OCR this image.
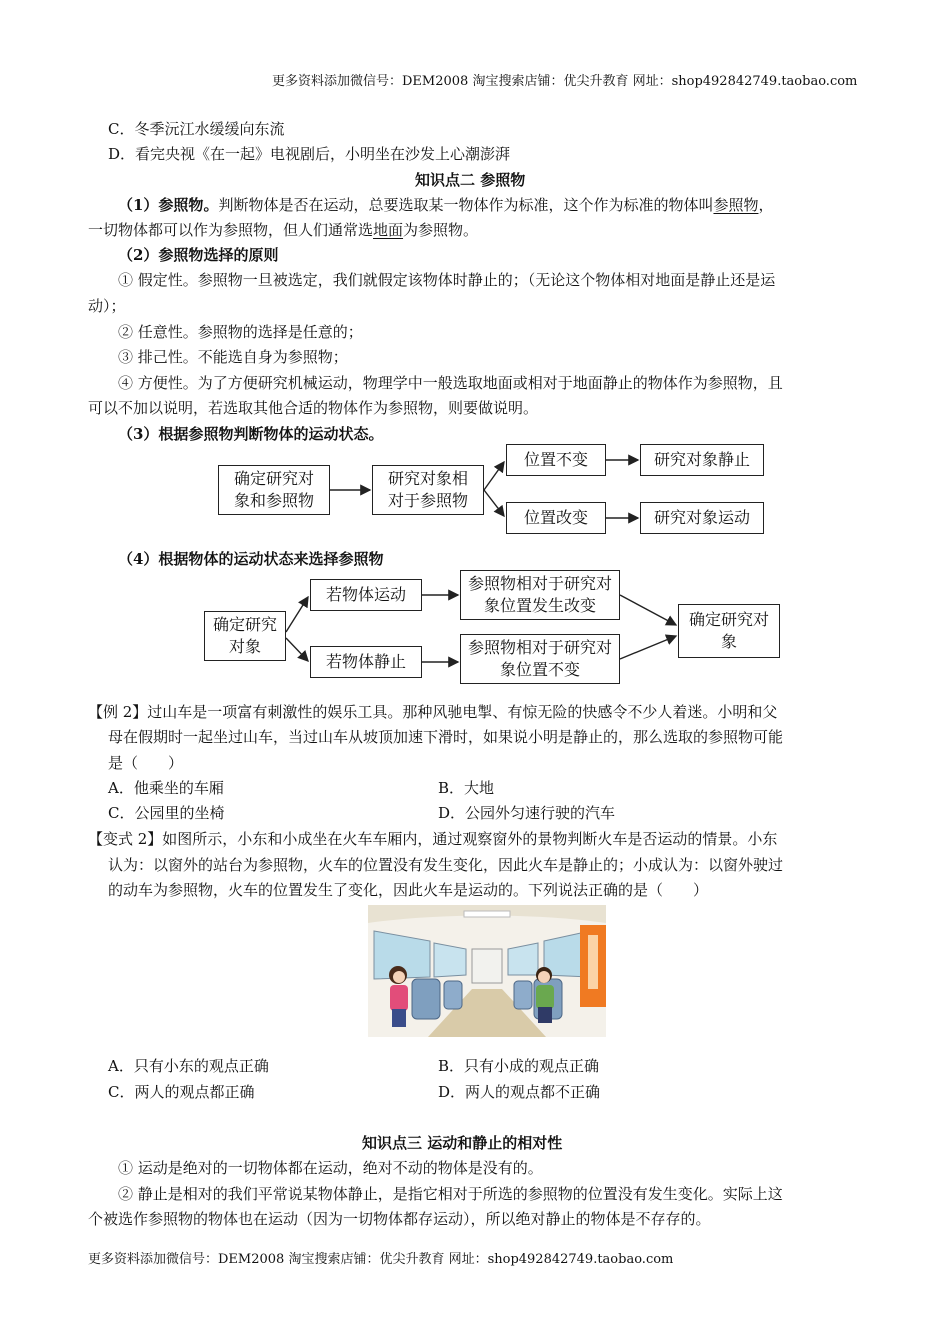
更多资料添加微信号：DEM2008 淘宝搜索店铺：优尖升教育 网址：shop492842749.taobao.com
C．冬季沅江水缓缓向东流
D．看完央视《在一起》电视剧后，小明坐在沙发上心潮澎湃
知识点二 参照物
（1）参照物。判断物体是否在运动，总要选取某一物体作为标准，这个作为标准的物体叫参照物，
一切物体都可以作为参照物，但人们通常选地面为参照物。
（2）参照物选择的原则
① 假定性。参照物一旦被选定，我们就假定该物体时静止的；（无论这个物体相对地面是静止还是运
动）；
② 任意性。参照物的选择是任意的；
③ 排己性。不能选自身为参照物；
④ 方便性。为了方便研究机械运动，物理学中一般选取地面或相对于地面静止的物体作为参照物，且
可以不加以说明，若选取其他合适的物体作为参照物，则要做说明。
（3）根据参照物判断物体的运动状态。
确定研究对象和参照物
研究对象相对于参照物
位置不变	研究对象静止
位置改变	研究对象运动
（4）根据物体的运动状态来选择参照物
确定研究对象
若物体运动
参照物相对于研究对象位置发生改变
若物体静止
参照物相对于研究对象位置不变
确定研究对象
【例 2】过山车是一项富有刺激性的娱乐工具。那种风驰电掣、有惊无险的快感令不少人着迷。小明和父
母在假期时一起坐过山车，当过山车从坡顶加速下滑时，如果说小明是静止的，那么选取的参照物可能
是（　　）
A．他乘坐的车厢	B．大地
C．公园里的坐椅	D．公园外匀速行驶的汽车
【变式 2】如图所示，小东和小成坐在火车车厢内，通过观察窗外的景物判断火车是否运动的情景。小东
认为：以窗外的站台为参照物，火车的位置没有发生变化，因此火车是静止的；小成认为：以窗外驶过
的动车为参照物，火车的位置发生了变化，因此火车是运动的。下列说法正确的是（　　）
A．只有小东的观点正确	B．只有小成的观点正确
C．两人的观点都正确	D．两人的观点都不正确
知识点三 运动和静止的相对性
① 运动是绝对的一切物体都在运动，绝对不动的物体是没有的。
② 静止是相对的我们平常说某物体静止，是指它相对于所选的参照物的位置没有发生变化。实际上这
个被选作参照物的物体也在运动（因为一切物体都存运动），所以绝对静止的物体是不存存的。
更多资料添加微信号：DEM2008 淘宝搜索店铺：优尖升教育 网址：shop492842749.taobao.com
